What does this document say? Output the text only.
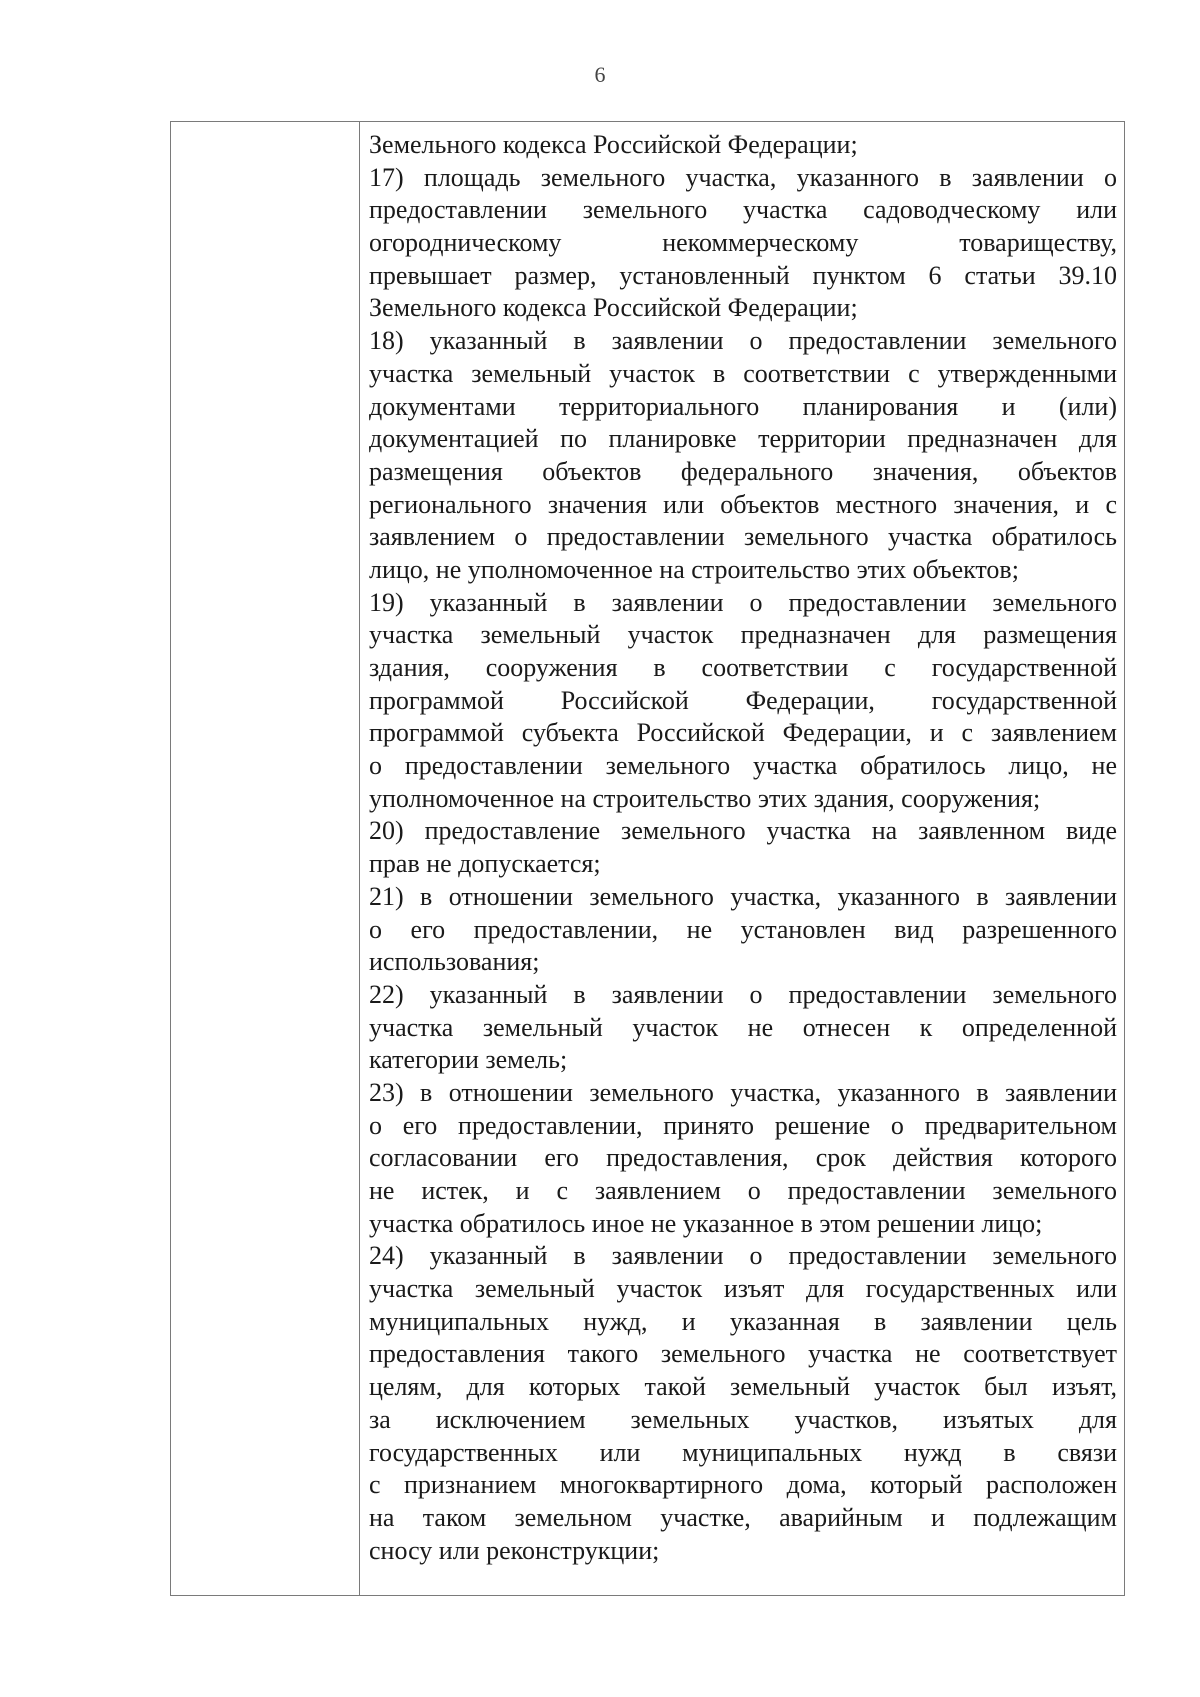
6
Земельного кодекса Российской Федерации;
17) площадь земельного участка, указанного в заявлении о
предоставлении земельного участка садоводческому или
огородническому некоммерческому товариществу,
превышает размер, установленный пунктом 6 статьи 39.10
Земельного кодекса Российской Федерации;
18) указанный в заявлении о предоставлении земельного
участка земельный участок в соответствии с утвержденными
документами территориального планирования и (или)
документацией по планировке территории предназначен для
размещения объектов федерального значения, объектов
регионального значения или объектов местного значения, и с
заявлением о предоставлении земельного участка обратилось
лицо, не уполномоченное на строительство этих объектов;
19) указанный в заявлении о предоставлении земельного
участка земельный участок предназначен для размещения
здания, сооружения в соответствии с государственной
программой Российской Федерации, государственной
программой субъекта Российской Федерации, и с заявлением
о предоставлении земельного участка обратилось лицо, не
уполномоченное на строительство этих здания, сооружения;
20) предоставление земельного участка на заявленном виде
прав не допускается;
21) в отношении земельного участка, указанного в заявлении
о его предоставлении, не установлен вид разрешенного
использования;
22) указанный в заявлении о предоставлении земельного
участка земельный участок не отнесен к определенной
категории земель;
23) в отношении земельного участка, указанного в заявлении
о его предоставлении, принято решение о предварительном
согласовании его предоставления, срок действия которого
не истек, и с заявлением о предоставлении земельного
участка обратилось иное не указанное в этом решении лицо;
24) указанный в заявлении о предоставлении земельного
участка земельный участок изъят для государственных или
муниципальных нужд, и указанная в заявлении цель
предоставления такого земельного участка не соответствует
целям, для которых такой земельный участок был изъят,
за исключением земельных участков, изъятых для
государственных или муниципальных нужд в связи
с признанием многоквартирного дома, который расположен
на таком земельном участке, аварийным и подлежащим
сносу или реконструкции;
